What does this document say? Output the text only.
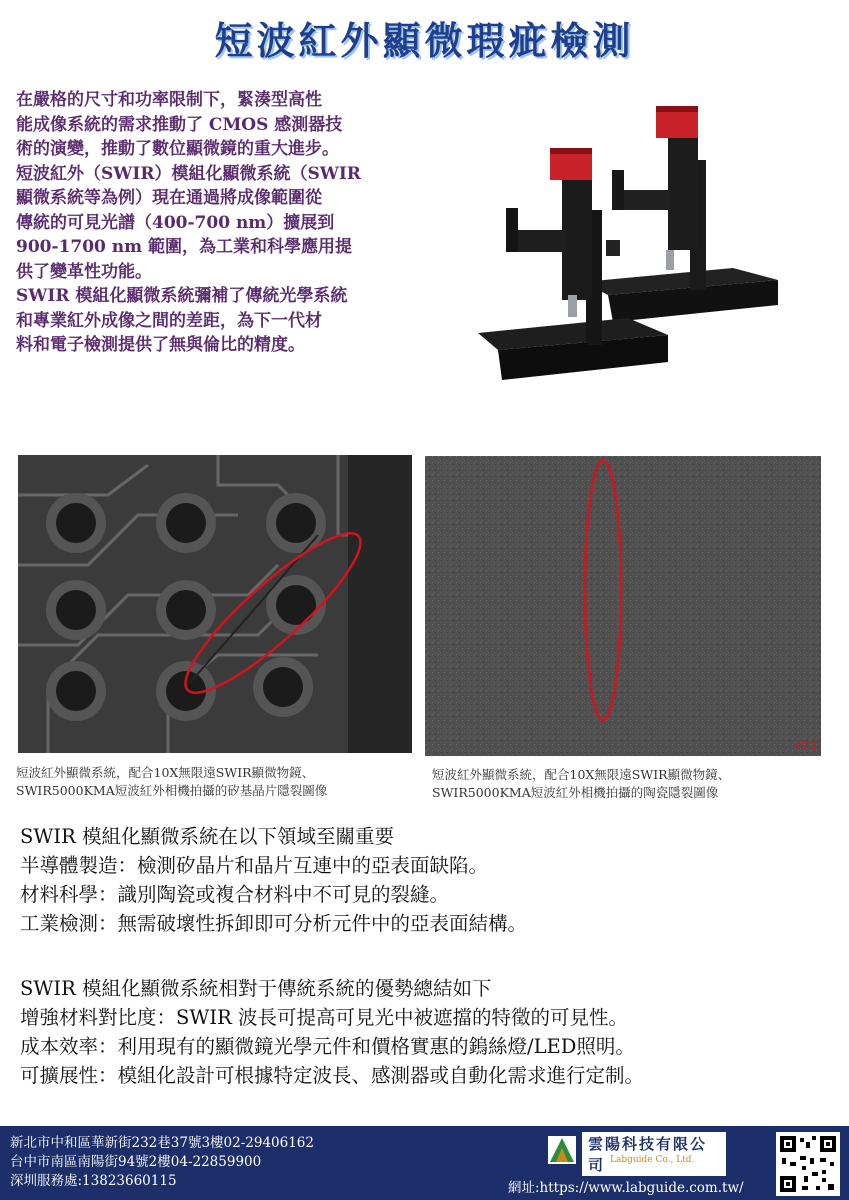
短波紅外顯微瑕疵檢測

在嚴格的尺寸和功率限制下，緊湊型高性

能成像系統的需求推動了 CMOS 感測器技

術的演變，推動了數位顯微鏡的重大進步。

短波紅外（SWIR）模組化顯微系統（SWIR

顯微系統等為例）現在通過將成像範圍從

傳統的可見光譜（400-700 nm）擴展到

900-1700 nm 範圍，為工業和科學應用提

供了變革性功能。

SWIR 模組化顯微系統彌補了傳統光學系統

和專業紅外成像之間的差距，為下一代材

料和電子檢測提供了無與倫比的精度。

47.2
短波紅外顯微系統，配合10X無限遠SWIR顯微物鏡、
SWIR5000KMA短波紅外相機拍攝的矽基晶片隱裂圖像
短波紅外顯微系統，配合10X無限遠SWIR顯微物鏡、
SWIR5000KMA短波紅外相機拍攝的陶瓷隱裂圖像

SWIR 模組化顯微系統在以下領域至關重要

半導體製造：檢測矽晶片和晶片互連中的亞表面缺陷。

材料科學：識別陶瓷或複合材料中不可見的裂縫。

工業檢測：無需破壞性拆卸即可分析元件中的亞表面結構。

SWIR 模組化顯微系統相對于傳統系統的優勢總結如下

增強材料對比度：SWIR 波長可提高可見光中被遮擋的特徵的可見性。

成本效率：利用現有的顯微鏡光學元件和價格實惠的鎢絲燈/LED照明。

可擴展性：模組化設計可根據特定波長、感測器或自動化需求進行定制。

新北市中和區華新街232巷37號3樓02-29406162

台中市南區南陽街94號2樓04-22859900

深圳服務處:13823660115

雲陽科技有限公司 Labguide Co., Ltd.
網址:https://www.labguide.com.tw/
